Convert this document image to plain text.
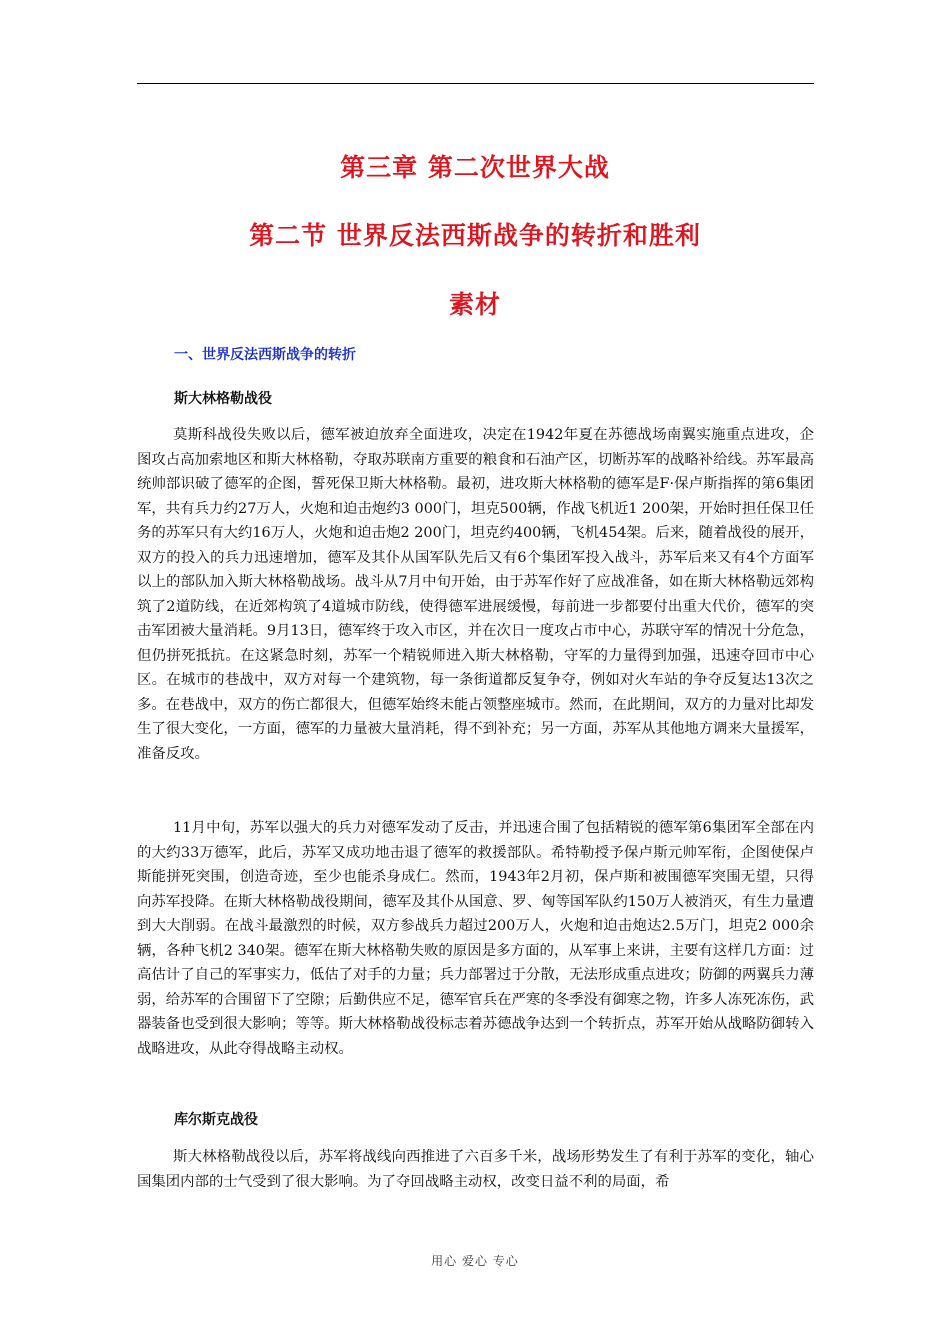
第三章 第二次世界大战
第二节 世界反法西斯战争的转折和胜利
素材
一、世界反法西斯战争的转折
斯大林格勒战役

莫斯科战役失败以后，德军被迫放弃全面进攻，决定在1942年夏在苏德战场南翼实施重点进攻，企图攻占高加索地区和斯大林格勒，夺取苏联南方重要的粮食和石油产区，切断苏军的战略补给线。苏军最高统帅部识破了德军的企图，誓死保卫斯大林格勒。最初，进攻斯大林格勒的德军是F·保卢斯指挥的第6集团军，共有兵力约27万人，火炮和迫击炮约3 000门，坦克500辆，作战飞机近1 200架，开始时担任保卫任务的苏军只有大约16万人，火炮和迫击炮2 200门，坦克约400辆，飞机454架。后来，随着战役的展开，双方的投入的兵力迅速增加，德军及其仆从国军队先后又有6个集团军投入战斗，苏军后来又有4个方面军以上的部队加入斯大林格勒战场。战斗从7月中旬开始，由于苏军作好了应战准备，如在斯大林格勒远郊构筑了2道防线，在近郊构筑了4道城市防线，使得德军进展缓慢，每前进一步都要付出重大代价，德军的突击军团被大量消耗。9月13日，德军终于攻入市区，并在次日一度攻占市中心，苏联守军的情况十分危急，但仍拼死抵抗。在这紧急时刻，苏军一个精锐师进入斯大林格勒，守军的力量得到加强，迅速夺回市中心区。在城市的巷战中，双方对每一个建筑物，每一条街道都反复争夺，例如对火车站的争夺反复达13次之多。在巷战中，双方的伤亡都很大，但德军始终未能占领整座城市。然而，在此期间，双方的力量对比却发生了很大变化，一方面，德军的力量被大量消耗，得不到补充；另一方面，苏军从其他地方调来大量援军，准备反攻。

11月中旬，苏军以强大的兵力对德军发动了反击，并迅速合围了包括精锐的德军第6集团军全部在内的大约33万德军，此后，苏军又成功地击退了德军的救援部队。希特勒授予保卢斯元帅军衔，企图使保卢斯能拼死突围，创造奇迹，至少也能杀身成仁。然而，1943年2月初，保卢斯和被围德军突围无望，只得向苏军投降。在斯大林格勒战役期间，德军及其仆从国意、罗、匈等国军队约150万人被消灭，有生力量遭到大大削弱。在战斗最激烈的时候，双方参战兵力超过200万人，火炮和迫击炮达2.5万门，坦克2 000余辆，各种飞机2 340架。德军在斯大林格勒失败的原因是多方面的，从军事上来讲，主要有这样几方面：过高估计了自己的军事实力，低估了对手的力量；兵力部署过于分散，无法形成重点进攻；防御的两翼兵力薄弱，给苏军的合围留下了空隙；后勤供应不足，德军官兵在严寒的冬季没有御寒之物，许多人冻死冻伤，武器装备也受到很大影响；等等。斯大林格勒战役标志着苏德战争达到一个转折点，苏军开始从战略防御转入战略进攻，从此夺得战略主动权。

库尔斯克战役

斯大林格勒战役以后，苏军将战线向西推进了六百多千米，战场形势发生了有利于苏军的变化，轴心国集团内部的士气受到了很大影响。为了夺回战略主动权，改变日益不利的局面，希

用心 爱心 专心
